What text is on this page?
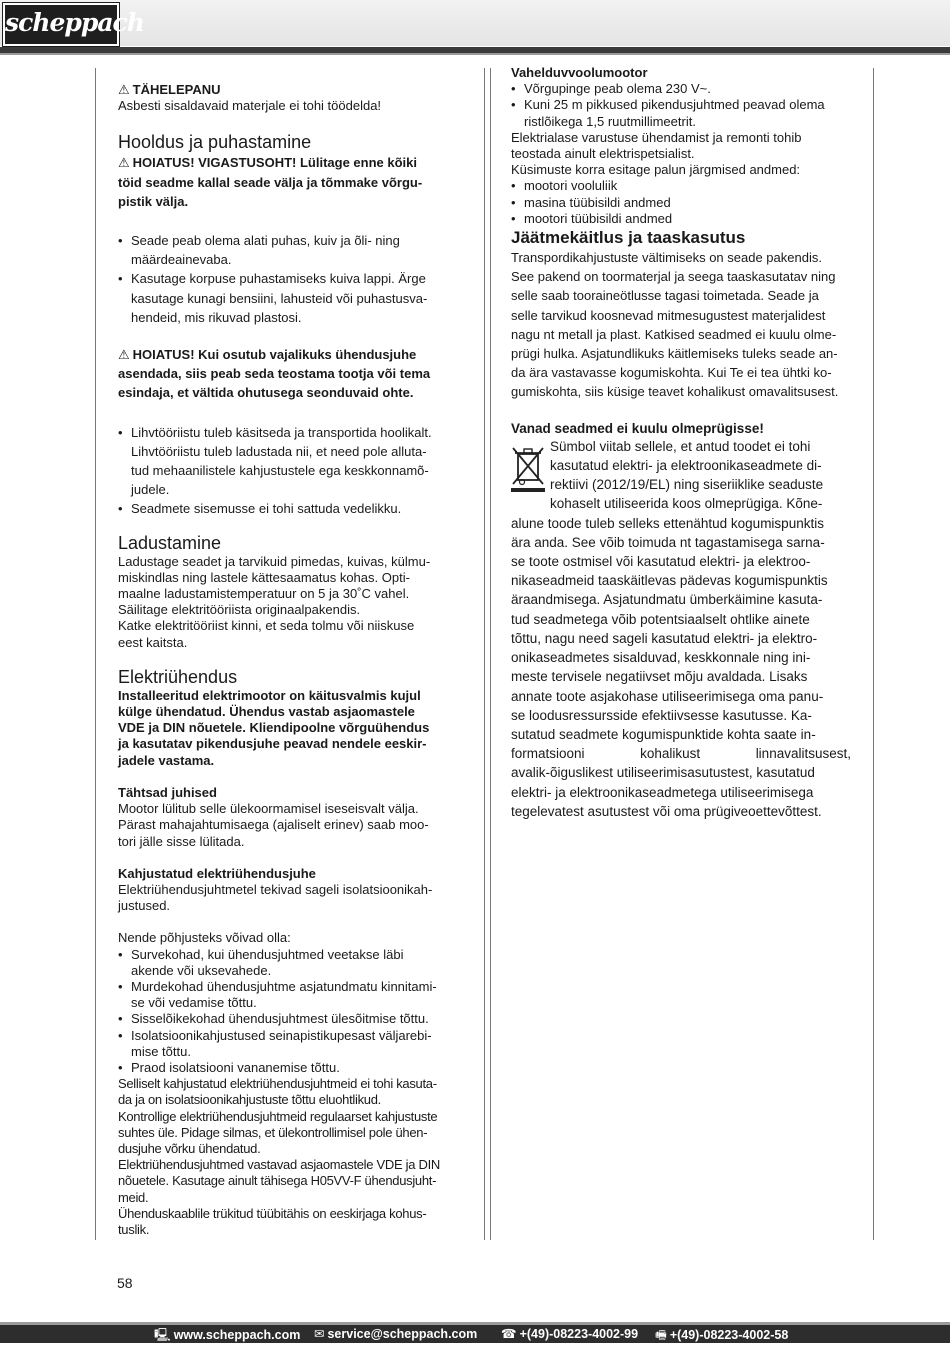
scheppach

⚠ TÄHELEPANU

Asbesti sisaldavaid materjale ei tohi töödelda!

Hooldus ja puhastamine
⚠ HOIATUS! VIGASTUSOHT! Lülitage enne kõiki
töid seadme kallal seade välja ja tõmmake võrgu-
pistik välja.
• Seade peab olema alati puhas, kuiv ja õli- ning
määrdeainevaba.
• Kasutage korpuse puhastamiseks kuiva lappi. Ärge
kasutage kunagi bensiini, lahusteid või puhastusva-
hendeid, mis rikuvad plastosi.
⚠ HOIATUS! Kui osutub vajalikuks ühendusjuhe
asendada, siis peab seda teostama tootja või tema
esindaja, et vältida ohutusega seonduvaid ohte.
• Lihvtööriistu tuleb käsitseda ja transportida hoolikalt.
Lihvtööriistu tuleb ladustada nii, et need pole alluta-
tud mehaanilistele kahjustustele ega keskkonnamõ-
judele.
• Seadmete sisemusse ei tohi sattuda vedelikku.
Ladustamine
Ladustage seadet ja tarvikuid pimedas, kuivas, külmu-
miskindlas ning lastele kättesaamatus kohas. Opti-
maalne ladustamistemperatuur on 5 ja 30˚C vahel.
Säilitage elektritööriista originaalpakendis.
Katke elektritööriist kinni, et seda tolmu või niiskuse
eest kaitsta.
Elektriühendus
Installeeritud elektrimootor on käitusvalmis kujul
külge ühendatud. Ühendus vastab asjaomastele
VDE ja DIN nõuetele. Kliendipoolne võrguühendus
ja kasutatav pikendusjuhe peavad nendele eeskir-
jadele vastama.

Tähtsad juhised

Mootor lülitub selle ülekoormamisel iseseisvalt välja.
Pärast mahajahtumisaega (ajaliselt erinev) saab moo-
tori jälle sisse lülitada.

Kahjustatud elektriühendusjuhe

Elektriühendusjuhtmetel tekivad sageli isolatsioonikah-
justused.

Nende põhjusteks võivad olla:

• Survekohad, kui ühendusjuhtmed veetakse läbi
akende või uksevahede.
• Murdekohad ühendusjuhtme asjatundmatu kinnitami-
se või vedamise tõttu.
• Sisselõikekohad ühendusjuhtmest ülesõitmise tõttu.
• Isolatsioonikahjustused seinapistikupesast väljarebi-
mise tõttu.
• Praod isolatsiooni vananemise tõttu.
Selliselt kahjustatud elektriühendusjuhtmeid ei tohi kasuta-
da ja on isolatsioonikahjustuste tõttu eluohtlikud.
Kontrollige elektriühendusjuhtmeid regulaarset kahjustuste
suhtes üle. Pidage silmas, et ülekontrollimisel pole ühen-
dusjuhe võrku ühendatud.
Elektriühendusjuhtmed vastavad asjaomastele VDE ja DIN
nõuetele. Kasutage ainult tähisega H05VV-F ühendusjuht-
meid.
Ühenduskaablile trükitud tüübitähis on eeskirjaga kohus-
tuslik.

Vahelduvvoolumootor

• Võrgupinge peab olema 230 V~.
• Kuni 25 m pikkused pikendusjuhtmed peavad olema
ristlõikega 1,5 ruutmillimeetrit.
Elektrialase varustuse ühendamist ja remonti tohib
teostada ainult elektrispetsialist.
Küsimuste korra esitage palun järgmised andmed:
• mootori vooluliik
• masina tüübisildi andmed
• mootori tüübisildi andmed
Jäätmekäitlus ja taaskasutus
Transpordikahjustuste vältimiseks on seade pakendis.
See pakend on toormaterjal ja seega taaskasutatav ning
selle saab tooraineötlusse tagasi toimetada. Seade ja
selle tarvikud koosnevad mitmesugustest materjalidest
nagu nt metall ja plast. Katkised seadmed ei kuulu olme-
prügi hulka. Asjatundlikuks käitlemiseks tuleks seade an-
da ära vastavasse kogumiskohta. Kui Te ei tea ühtki ko-
gumiskohta, siis küsige teavet kohalikust omavalitsusest.

Vanad seadmed ei kuulu olmeprügisse!

Sümbol viitab sellele, et antud toodet ei tohi
kasutatud elektri- ja elektroonikaseadmete di-
rektiivi (2012/19/EL) ning siseriiklike seaduste
kohaselt utiliseerida koos olmeprügiga. Kõne-
alune toode tuleb selleks ettenähtud kogumispunktis
ära anda. See võib toimuda nt tagastamisega sarna-
se toote ostmisel või kasutatud elektri- ja elektroo-
nikaseadmeid taaskäitlevas pädevas kogumispunktis
äraandmisega. Asjatundmatu ümberkäimine kasuta-
tud seadmetega võib potentsiaalselt ohtlike ainete
tõttu, nagu need sageli kasutatud elektri- ja elektro-
onikaseadmetes sisalduvad, keskkonnale ning ini-
meste tervisele negatiivset mõju avaldada. Lisaks
annate toote asjakohase utiliseerimisega oma panu-
se loodusressursside efektiivsesse kasutusse. Ka-
sutatud seadmete kogumispunktide kohta saate in-
formatsiooni	kohalikust	linnavalitsusest,
avalik-õiguslikest utiliseerimisasutustest, kasutatud
elektri- ja elektroonikaseadmetega utiliseerimisega
tegelevatest asutustest või oma prügiveoettevõttest.
58
🖳 www.scheppach.com ✉ service@scheppach.com ☎ +(49)-08223-4002-99 🖷 +(49)-08223-4002-58
